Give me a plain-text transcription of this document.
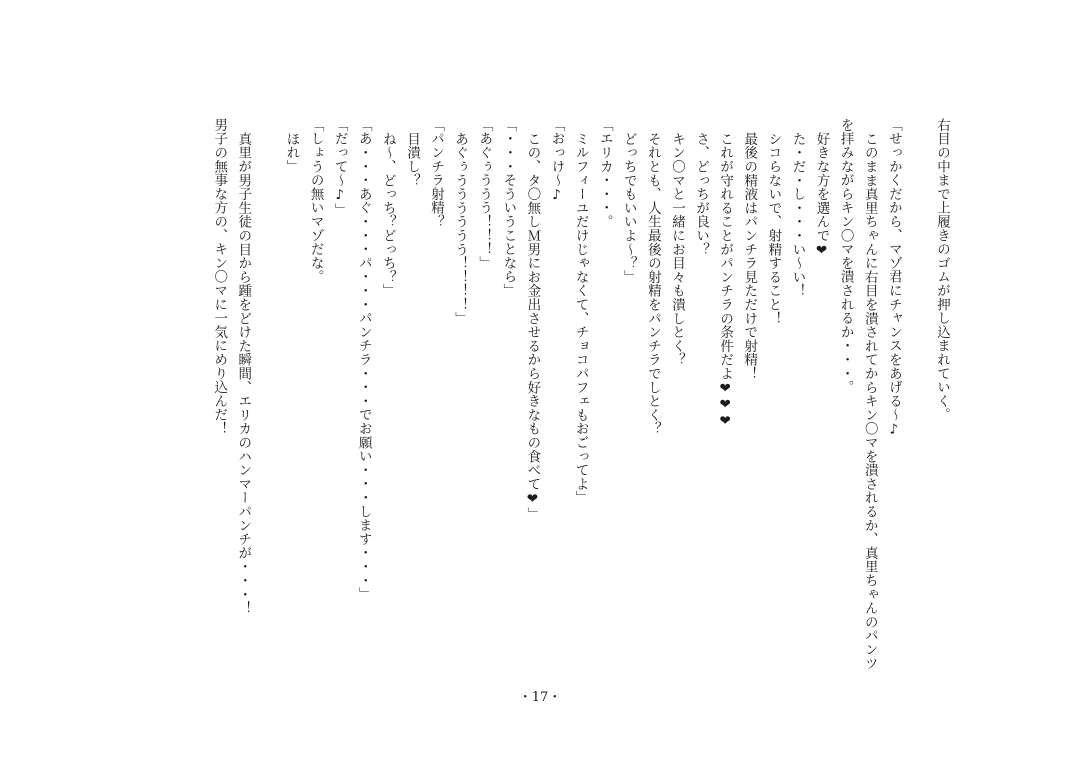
右目の中まで上履きのゴムが押し込まれていく。

「せっかくだから、マゾ君にチャンスをあげる〜♪

このまま真里ちゃんに右目を潰されてからキン〇マを潰されるか、真里ちゃんのパンツ

を拝みながらキン〇マを潰されるか・・・。

好きな方を選んで❤

た・だ・し・・・い〜い！

シコらないで、射精すること！

最後の精液はパンチラ見ただけで射精！

これが守れることがパンチラの条件だよ❤❤❤

さ、どっちが良い？

キン〇マと一緒にお目々も潰しとく？

それとも、人生最後の射精をパンチラでしとく？

どっちでもいいよ〜？」

「エリカ・・・。

ミルフィーユだけじゃなくて、チョコパフェもおごってよ」

「おっけ〜♪

この、タ〇無しＭ男にお金出させるから好きなもの食べて❤」

「・・・そういうことなら」

「あぐぅううう！！！」

あぐぅうううううう！！！！」

「パンチラ射精？

目潰し？

ね〜、どっち？どっち？」

「あ・・・あぐ・・・パ・・・パンチラ・・・でお願い・・・します・・・」

「だって〜♪」

「しょうの無いマゾだな。

ほれ」

真里が男子生徒の目から踵をどけた瞬間、エリカのハンマーパンチが・・・！

男子の無事な方の、キン〇マに一気にめり込んだ！

・17・
